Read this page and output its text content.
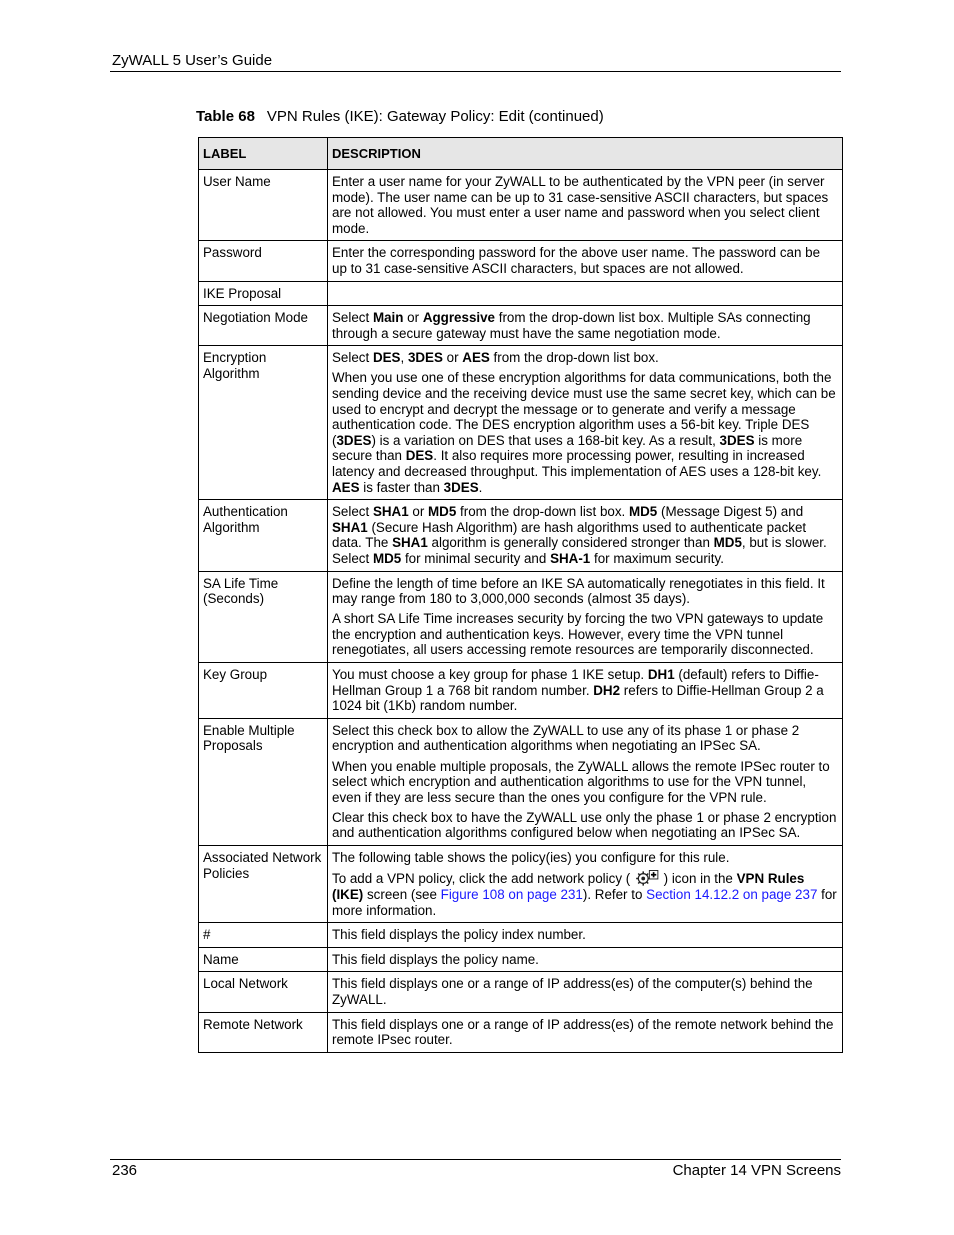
ZyWALL 5 User’s Guide
Table 68 VPN Rules (IKE): Gateway Policy: Edit (continued)
LABEL	DESCRIPTION
User Name	Enter a user name for your ZyWALL to be authenticated by the VPN peer (in server mode). The user name can be up to 31 case-sensitive ASCII characters, but spaces are not allowed. You must enter a user name and password when you select client mode.

Password	Enter the corresponding password for the above user name. The password can be up to 31 case-sensitive ASCII characters, but spaces are not allowed.

IKE Proposal	
Negotiation Mode	Select Main or Aggressive from the drop-down list box. Multiple SAs connecting through a secure gateway must have the same negotiation mode.

Encryption Algorithm	Select DES, 3DES or AES from the drop-down list box.

When you use one of these encryption algorithms for data communications, both the sending device and the receiving device must use the same secret key, which can be used to encrypt and decrypt the message or to generate and verify a message authentication code. The DES encryption algorithm uses a 56-bit key. Triple DES (3DES) is a variation on DES that uses a 168-bit key. As a result, 3DES is more secure than DES. It also requires more processing power, resulting in increased latency and decreased throughput. This implementation of AES uses a 128-bit key. AES is faster than 3DES.

Authentication Algorithm	Select SHA1 or MD5 from the drop-down list box. MD5 (Message Digest 5) and SHA1 (Secure Hash Algorithm) are hash algorithms used to authenticate packet data. The SHA1 algorithm is generally considered stronger than MD5, but is slower. Select MD5 for minimal security and SHA-1 for maximum security.

SA Life Time (Seconds)	Define the length of time before an IKE SA automatically renegotiates in this field. It may range from 180 to 3,000,000 seconds (almost 35 days).

A short SA Life Time increases security by forcing the two VPN gateways to update the encryption and authentication keys. However, every time the VPN tunnel renegotiates, all users accessing remote resources are temporarily disconnected.

Key Group	You must choose a key group for phase 1 IKE setup. DH1 (default) refers to Diffie-Hellman Group 1 a 768 bit random number. DH2 refers to Diffie-Hellman Group 2 a 1024 bit (1Kb) random number.

Enable Multiple Proposals	Select this check box to allow the ZyWALL to use any of its phase 1 or phase 2 encryption and authentication algorithms when negotiating an IPSec SA.

When you enable multiple proposals, the ZyWALL allows the remote IPSec router to select which encryption and authentication algorithms to use for the VPN tunnel, even if they are less secure than the ones you configure for the VPN rule.

Clear this check box to have the ZyWALL use only the phase 1 or phase 2 encryption and authentication algorithms configured below when negotiating an IPSec SA.

Associated Network Policies	The following table shows the policy(ies) you configure for this rule.

To add a VPN policy, click the add network policy (  ) icon in the VPN Rules (IKE) screen (see Figure 108 on page 231). Refer to Section 14.12.2 on page 237 for more information.

#	This field displays the policy index number.

Name	This field displays the policy name.

Local Network	This field displays one or a range of IP address(es) of the computer(s) behind the ZyWALL.

Remote Network	This field displays one or a range of IP address(es) of the remote network behind the remote IPsec router.

236	Chapter 14 VPN Screens
